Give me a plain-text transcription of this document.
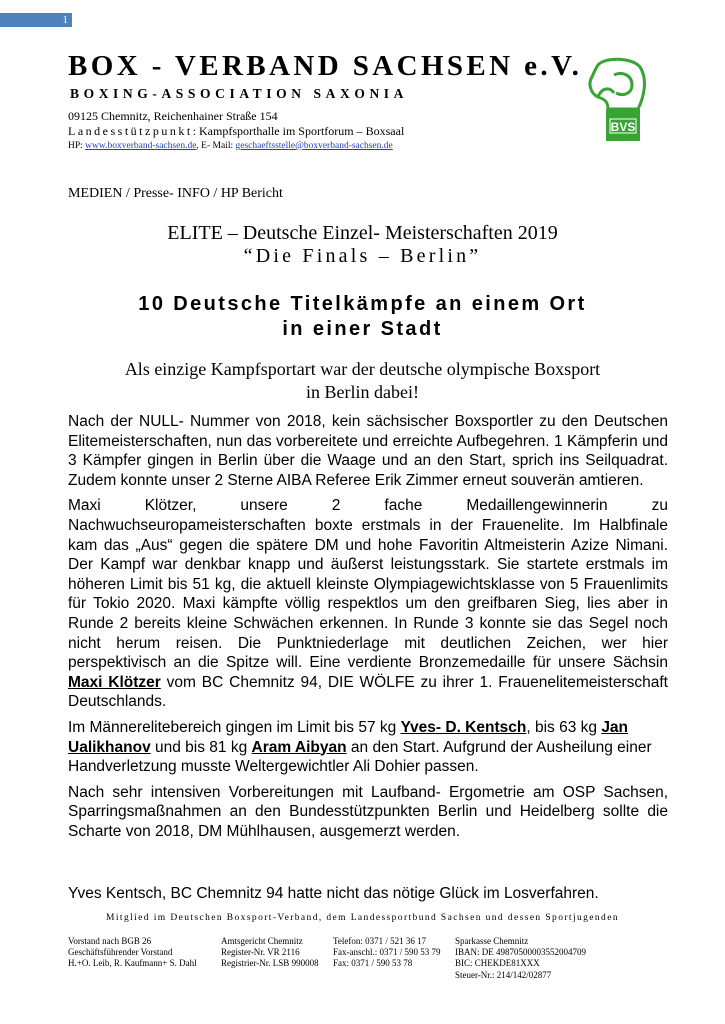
1
BOX - VERBAND SACHSEN e.V.
BOXING-ASSOCIATION SAXONIA
09125 Chemnitz, Reichenhainer Straße 154
Landesstützpunkt: Kampfsporthalle im Sportforum – Boxsaal
HP: www.boxverband-sachsen.de, E- Mail: geschaeftsstelle@boxverband-sachsen.de
BVS
MEDIEN / Presse- INFO / HP Bericht
ELITE – Deutsche Einzel- Meisterschaften 2019
“Die Finals – Berlin”
10 Deutsche Titelkämpfe an einem Ort
in einer Stadt
Als einzige Kampfsportart war der deutsche olympische Boxsport
in Berlin dabei!

Nach der NULL- Nummer von 2018, kein sächsischer Boxsportler zu den Deutschen Elitemeisterschaften, nun das vorbereitete und erreichte Aufbegehren. 1 Kämpferin und 3 Kämpfer gingen in Berlin über die Waage und an den Start, sprich ins Seilquadrat. Zudem konnte unser 2 Sterne AIBA Referee Erik Zimmer erneut souverän amtieren.

Maxi Klötzer, unsere 2 fache Medaillengewinnerin zu Nachwuchseuropameisterschaften boxte erstmals in der Frauenelite. Im Halbfinale kam das „Aus“ gegen die spätere DM und hohe Favoritin Altmeisterin Azize Nimani. Der Kampf war denkbar knapp und äußerst leistungsstark. Sie startete erstmals im höheren Limit bis 51 kg, die aktuell kleinste Olympiagewichtsklasse von 5 Frauenlimits für Tokio 2020. Maxi kämpfte völlig respektlos um den greifbaren Sieg, lies aber in Runde 2 bereits kleine Schwächen erkennen. In Runde 3 konnte sie das Segel noch nicht herum reisen. Die Punktniederlage mit deutlichen Zeichen, wer hier perspektivisch an die Spitze will. Eine verdiente Bronzemedaille für unsere Sächsin Maxi Klötzer vom BC Chemnitz 94, DIE WÖLFE zu ihrer 1. Frauenelitemeisterschaft Deutschlands.

Im Männerelitebereich gingen im Limit bis 57 kg Yves- D. Kentsch, bis 63 kg Jan Ualikhanov und bis 81 kg Aram Aibyan an den Start. Aufgrund der Ausheilung einer Handverletzung musste Weltergewichtler Ali Dohier passen.

Nach sehr intensiven Vorbereitungen mit Laufband- Ergometrie am OSP Sachsen, Sparringsmaßnahmen an den Bundesstützpunkten Berlin und Heidelberg sollte die Scharte von 2018, DM Mühlhausen, ausgemerzt werden.

Yves Kentsch, BC Chemnitz 94 hatte nicht das nötige Glück im Losverfahren.

Mitglied im Deutschen Boxsport-Verband, dem Landessportbund Sachsen und dessen Sportjugenden
Vorstand nach BGB 26
Geschäftsführender Vorstand
H.+O. Leib, R. Kaufmann+ S. Dahl
Amtsgericht Chemnitz
Register-Nr. VR 2116
Registrier-Nr. LSB 990008
Telefon: 0371 / 521 36 17
Fax-anschl.: 0371 / 590 53 79
Fax: 0371 / 590 53 78
Sparkasse Chemnitz
IBAN: DE 49870500003552004709
BIC: CHEKDE81XXX
Steuer-Nr.: 214/142/02877
